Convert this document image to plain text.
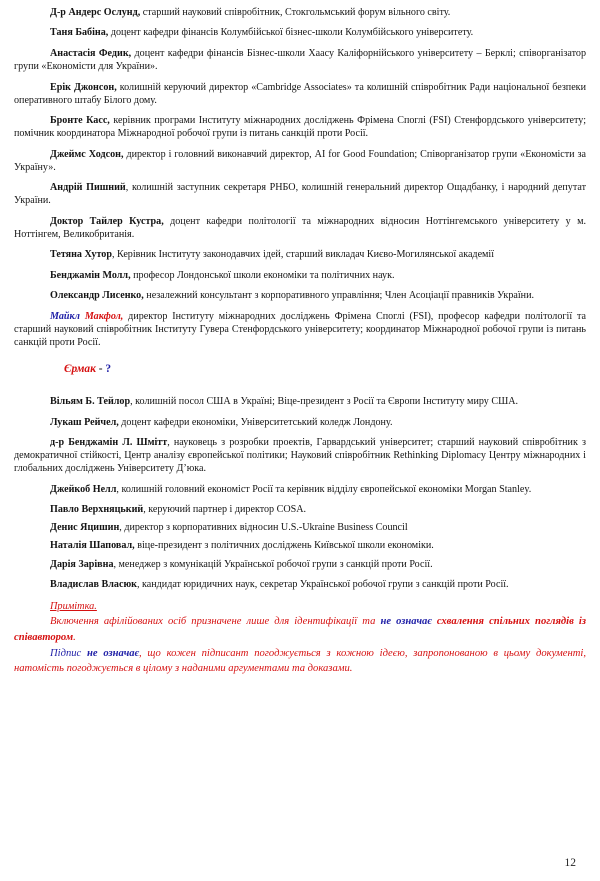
Д-р Андерс Ослунд, старший науковий співробітник, Стокгольмський форум вільного світу.

Таня Бабіна, доцент кафедри фінансів Колумбійської бізнес-школи Колумбійського університету.

Анастасія Федик, доцент кафедри фінансів Бізнес-школи Хаасу Каліфорнійського університету – Берклі; співорганізатор групи «Економісти для України».

Ерік Джонсон, колишній керуючий директор «Cambridge Associates» та колишній співробітник Ради національної безпеки оперативного штабу Білого дому.

Бронте Касс, керівник програми Інституту міжнародних досліджень Фрімена Споглі (FSI) Стенфордського університету; помічник координатора Міжнародної робочої групи із питань санкцій проти Росії.

Джеймс Ходсон, директор і головний виконавчий директор, AI for Good Foundation; Співорганізатор групи «Економісти за Україну».

Андрій Пишний, колишній заступник секретаря РНБО, колишній генеральний директор Ощадбанку, і народний депутат України.

Доктор Тайлер Кустра, доцент кафедри політології та міжнародних відносин Ноттінгемського університету у м. Ноттінгем, Великобританія.

Тетяна Хутор, Керівник Інституту законодавчих ідей, старший викладач Києво-Могилянської академії

Бенджамін Молл, професор Лондонської школи економіки та політичних наук.

Олександр Лисенко, незалежний консультант з корпоративного управління; Член Асоціації правників України.

Майкл Макфол, директор Інституту міжнародних досліджень Фрімена Споглі (FSI), професор кафедри політології та старший науковий співробітник Інституту Гувера Стенфордського університету; координатор Міжнародної робочої групи із питань санкцій проти Росії.

Єрмак - ?

Вільям Б. Тейлор, колишній посол США в Україні; Віце-президент з Росії та Європи Інституту миру США.

Лукаш Рейчел, доцент кафедри економіки, Університетський коледж Лондону.

д-р Бенджамін Л. Шмітт, науковець з розробки проектів, Гарвардський університет; старший науковий співробітник з демократичної стійкості, Центр аналізу європейської політики; Науковий співробітник Rethinking Diplomacy Центру міжнародних і глобальних досліджень Університету Д’юка.

Джейкоб Нелл, колишній головний економіст Росії та керівник відділу європейської економіки Morgan Stanley.

Павло Верхняцький, керуючий партнер і директор COSA.

Денис Яцишин, директор з корпоративних відносин U.S.-Ukraine Business Council

Наталія Шаповал, віце-президент з політичних досліджень Київської школи економіки.

Дарія Зарівна, менеджер з комунікацій Української робочої групи з санкцій проти Росії.

Владислав Власюк, кандидат юридичних наук, секретар Української робочої групи з санкцій проти Росії.

Примітка.

Включення афілійованих осіб призначене лише для ідентифікації та не означає схвалення спільних поглядів із співавтором.

Підпис не означає, що кожен підписант погоджується з кожною ідеєю, запропонованою в цьому документі, натомість погоджується в цілому з наданими аргументами та доказами.

12
